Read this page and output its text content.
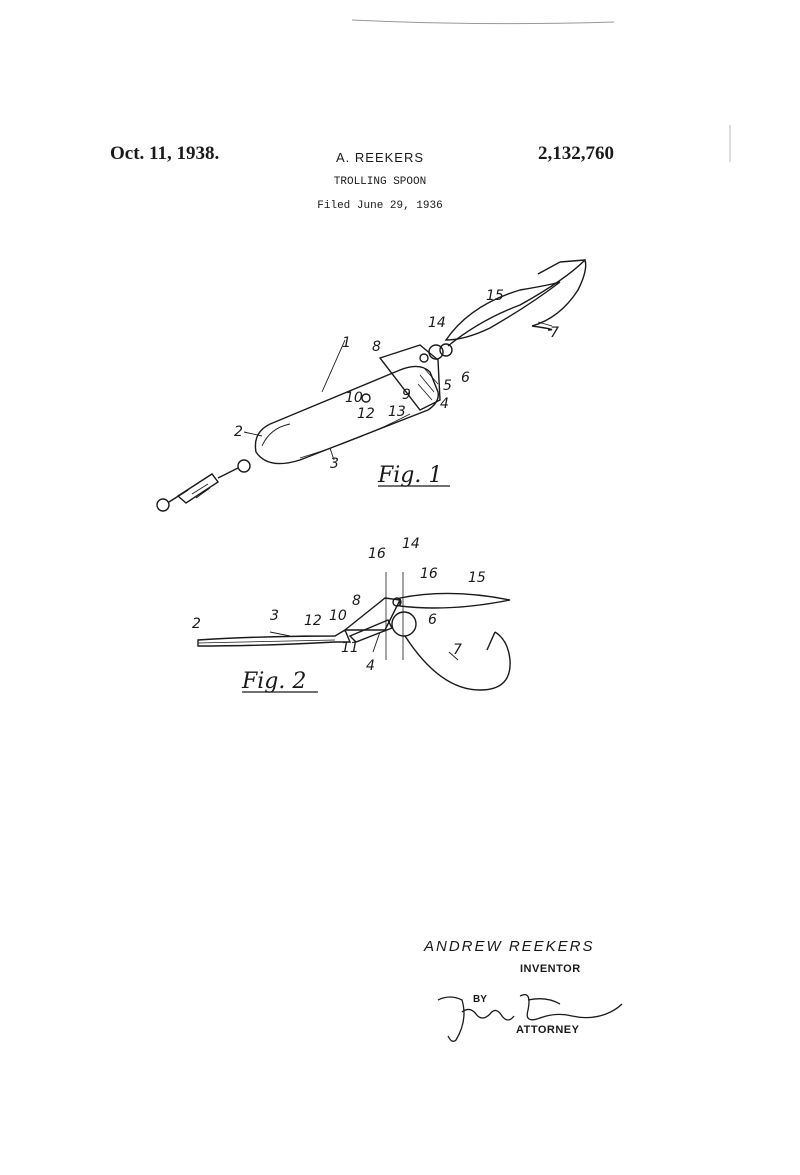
Oct. 11, 1938.	A. REEKERS	2,132,760
TROLLING SPOON
Filed June 29, 1936
1
2
3
4
5 6
7
8
9
10
12 13
14
15
Fig. 1
2	3
4
6
7
8
10
11
12
14
15
16
16
Fig. 2
ANDREW REEKERS
INVENTOR
BY
ATTORNEY
